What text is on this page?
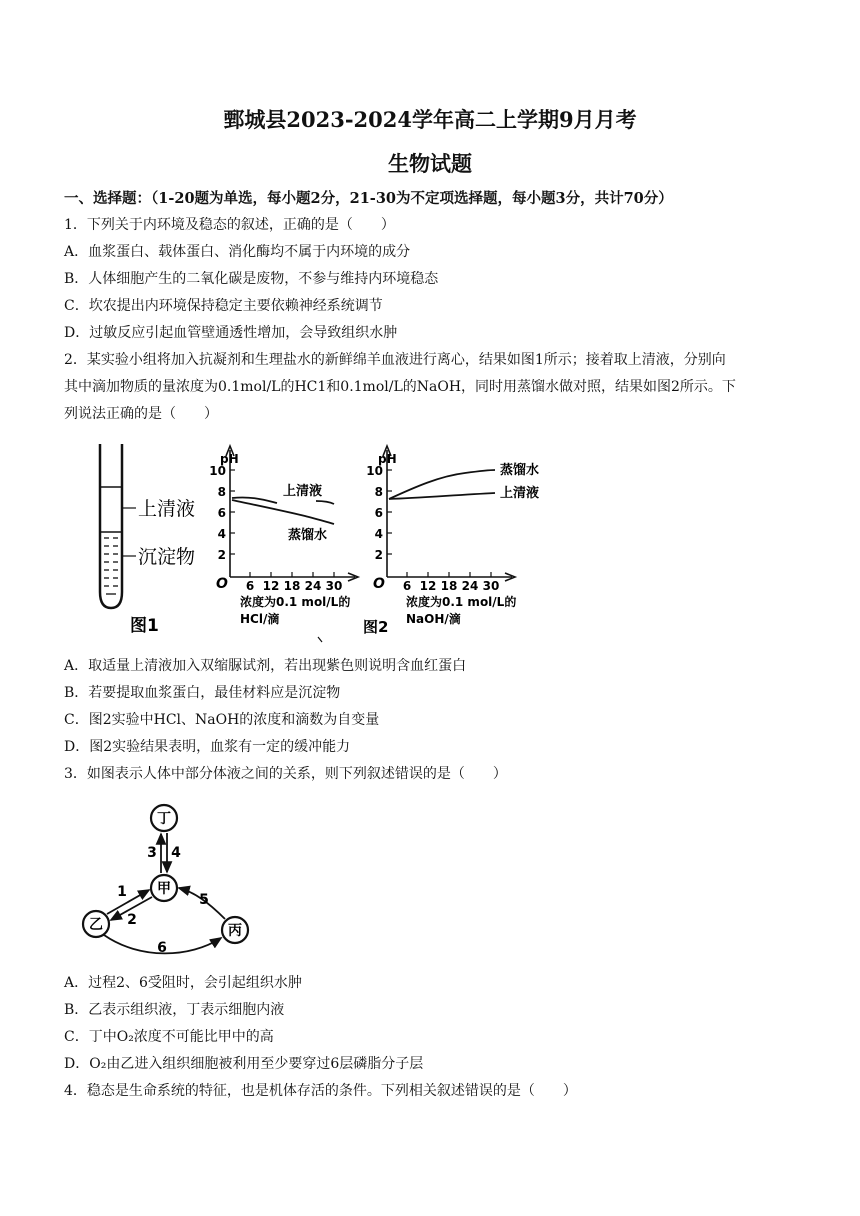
鄄城县2023-2024学年高二上学期9月月考
生物试题
一、选择题：（1-20题为单选，每小题2分，21-30为不定项选择题，每小题3分，共计70分）
1．下列关于内环境及稳态的叙述，正确的是（　　）
A．血浆蛋白、载体蛋白、消化酶均不属于内环境的成分
B．人体细胞产生的二氧化碳是废物，不参与维持内环境稳态
C．坎农提出内环境保持稳定主要依赖神经系统调节
D．过敏反应引起血管壁通透性增加，会导致组织水肿
2．某实验小组将加入抗凝剂和生理盐水的新鲜绵羊血液进行离心，结果如图1所示；接着取上清液，分别向
其中滴加物质的量浓度为0.1mol/L的HC1和0.1mol/L的NaOH，同时用蒸馏水做对照，结果如图2所示。下
列说法正确的是（　　）
上清液
沉淀物
图1
pH
10
8
6
4
2
O 6 12 18 24 30
上清液
蒸馏水
浓度为0.1 mol/L的
HCl/滴
pH
10
8
6
4
2
O 6 12 18 24 30
蒸馏水
上清液
浓度为0.1 mol/L的
NaOH/滴
图2
A．取适量上清液加入双缩脲试剂，若出现紫色则说明含血红蛋白
B．若要提取血浆蛋白，最佳材料应是沉淀物
C．图2实验中HCl、NaOH的浓度和滴数为自变量
D．图2实验结果表明，血浆有一定的缓冲能力
3．如图表示人体中部分体液之间的关系，则下列叙述错误的是（　　）
丁
甲
乙	丙
1
2
3 4
5
6
A．过程2、6受阻时，会引起组织水肿
B．乙表示组织液，丁表示细胞内液
C．丁中O₂浓度不可能比甲中的高
D．O₂由乙进入组织细胞被利用至少要穿过6层磷脂分子层
4．稳态是生命系统的特征，也是机体存活的条件。下列相关叙述错误的是（　　）
